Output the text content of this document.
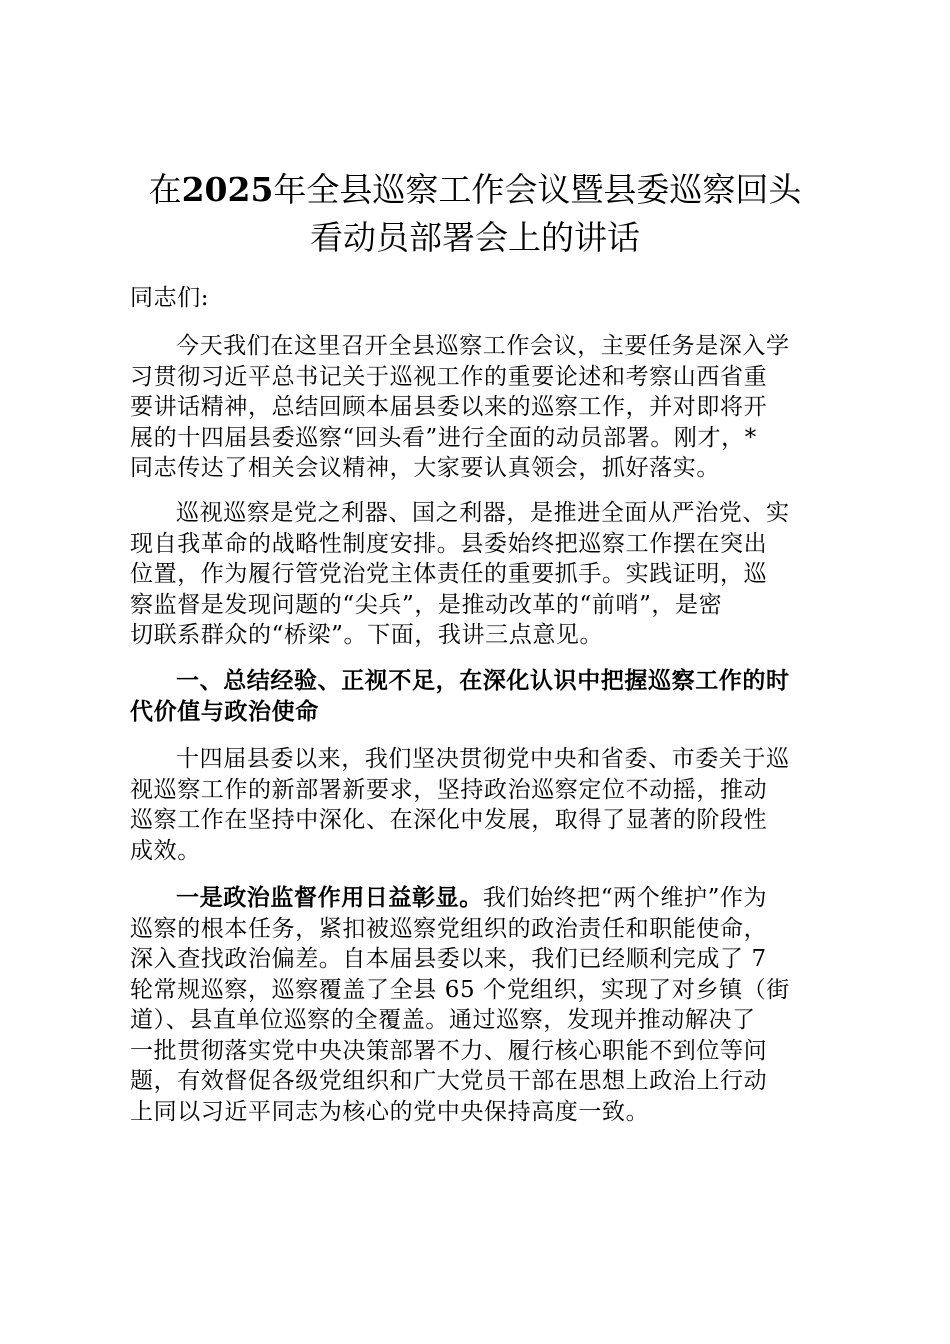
在2025年全县巡察工作会议暨县委巡察回头
看动员部署会上的讲话
同志们:
今天我们在这里召开全县巡察工作会议，主要任务是深入学
习贯彻习近平总书记关于巡视工作的重要论述和考察山西省重
要讲话精神，总结回顾本届县委以来的巡察工作，并对即将开
展的十四届县委巡察“回头看”进行全面的动员部署。刚才，*
同志传达了相关会议精神，大家要认真领会，抓好落实。
巡视巡察是党之利器、国之利器，是推进全面从严治党、实
现自我革命的战略性制度安排。县委始终把巡察工作摆在突出
位置，作为履行管党治党主体责任的重要抓手。实践证明，巡
察监督是发现问题的“尖兵”，是推动改革的“前哨”，是密
切联系群众的“桥梁”。下面，我讲三点意见。
一、总结经验、正视不足，在深化认识中把握巡察工作的时
代价值与政治使命
十四届县委以来，我们坚决贯彻党中央和省委、市委关于巡
视巡察工作的新部署新要求，坚持政治巡察定位不动摇，推动
巡察工作在坚持中深化、在深化中发展，取得了显著的阶段性
成效。
一是政治监督作用日益彰显。我们始终把“两个维护”作为
巡察的根本任务，紧扣被巡察党组织的政治责任和职能使命，
深入查找政治偏差。自本届县委以来，我们已经顺利完成了 7
轮常规巡察，巡察覆盖了全县 65 个党组织，实现了对乡镇（街
道）、县直单位巡察的全覆盖。通过巡察，发现并推动解决了
一批贯彻落实党中央决策部署不力、履行核心职能不到位等问
题，有效督促各级党组织和广大党员干部在思想上政治上行动
上同以习近平同志为核心的党中央保持高度一致。
